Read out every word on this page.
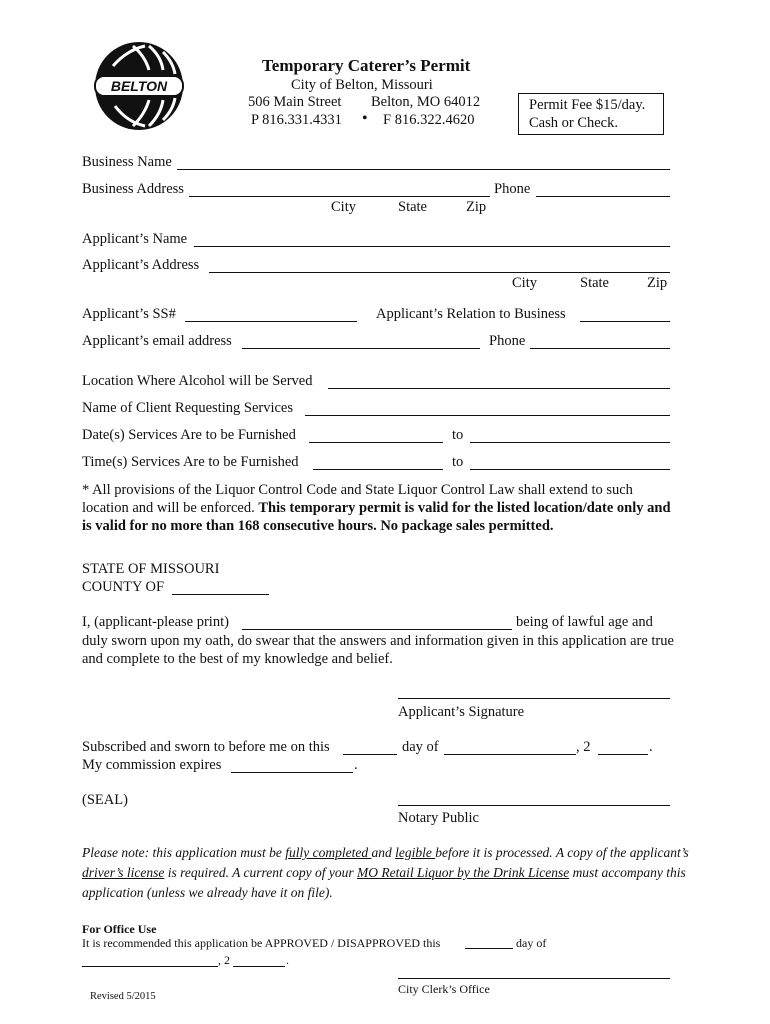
BELTON
Temporary Caterer’s Permit
City of Belton, Missouri
506 Main Street Belton, MO 64012
P 816.331.4331 • F 816.322.4620
Permit Fee $15/day.
Cash or Check.
Business Name
Business Address	Phone
City	State	Zip
Applicant’s Name
Applicant’s Address
City	State	Zip
Applicant’s SS#	Applicant’s Relation to Business
Applicant’s email address	Phone
Location Where Alcohol will be Served
Name of Client Requesting Services
Date(s) Services Are to be Furnished	to
Time(s) Services Are to be Furnished	to
* All provisions of the Liquor Control Code and State Liquor Control Law shall extend to such location and will be enforced. This temporary permit is valid for the listed location/date only and is valid for no more than 168 consecutive hours. No package sales permitted.
STATE OF MISSOURI
COUNTY OF
I, (applicant-please print)	being of lawful age and
duly sworn upon my oath, do swear that the answers and information given in this application are true and complete to the best of my knowledge and belief.
Applicant’s Signature
Subscribed and sworn to before me on this	day of	, 2	.
My commission expires	.
(SEAL)
Notary Public
Please note: this application must be fully completed and legible before it is processed. A copy of the applicant’s driver’s license is required. A current copy of your MO Retail Liquor by the Drink License must accompany this application (unless we already have it on file).
For Office Use
It is recommended this application be APPROVED / DISAPPROVED this	day of
, 2	.
City Clerk’s Office
Revised 5/2015
